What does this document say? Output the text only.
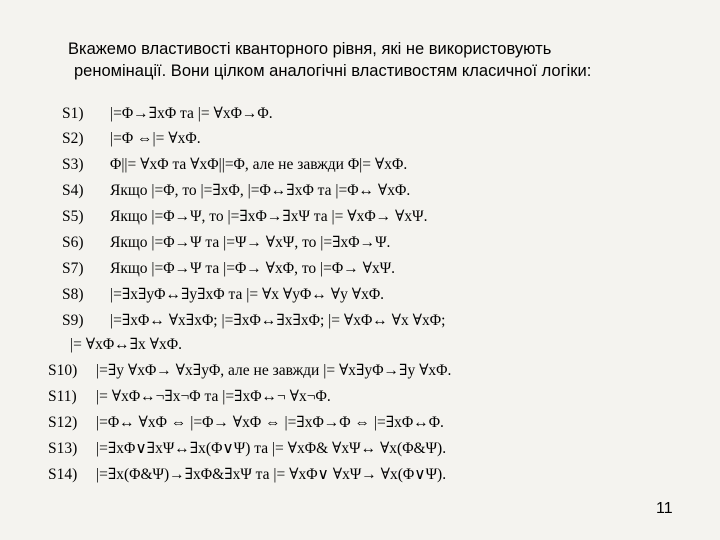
Вкажемо властивості кванторного рівня, які не використовують
реномінації. Вони цілком аналогічні властивостям класичної логіки:
S1) |=Φ→∃xΦ та |= ∀xΦ→Φ.
S2) |=Φ ⇔|= ∀xΦ.
S3) Φ||= ∀xΦ та ∀xΦ||=Φ, але не завжди Φ|= ∀xΦ.
S4) Якщо |=Φ, то |=∃xΦ, |=Φ↔∃xΦ та |=Φ↔ ∀xΦ.
S5) Якщо |=Φ→Ψ, то |=∃xΦ→∃xΨ та |= ∀xΦ→ ∀xΨ.
S6) Якщо |=Φ→Ψ та |=Ψ→ ∀xΨ, то |=∃xΦ→Ψ.
S7) Якщо |=Φ→Ψ та |=Φ→ ∀xΦ, то |=Φ→ ∀xΨ.
S8) |=∃x∃yΦ↔∃y∃xΦ та |= ∀x ∀yΦ↔ ∀y ∀xΦ.
S9) |=∃xΦ↔ ∀x∃xΦ; |=∃xΦ↔∃x∃xΦ; |= ∀xΦ↔ ∀x ∀xΦ;
|= ∀xΦ↔∃x ∀xΦ.
S10) |=∃y ∀xΦ→ ∀x∃yΦ, але не завжди |= ∀x∃yΦ→∃y ∀xΦ.
S11) |= ∀xΦ↔¬∃x¬Φ та |=∃xΦ↔¬ ∀x¬Φ.
S12) |=Φ↔ ∀xΦ ⇔ |=Φ→ ∀xΦ ⇔ |=∃xΦ→Φ ⇔ |=∃xΦ↔Φ.
S13) |=∃xΦ∨∃xΨ↔∃x(Φ∨Ψ) та |= ∀xΦ& ∀xΨ↔ ∀x(Φ&Ψ).
S14) |=∃x(Φ&Ψ)→∃xΦ&∃xΨ та |= ∀xΦ∨ ∀xΨ→ ∀x(Φ∨Ψ).
11
